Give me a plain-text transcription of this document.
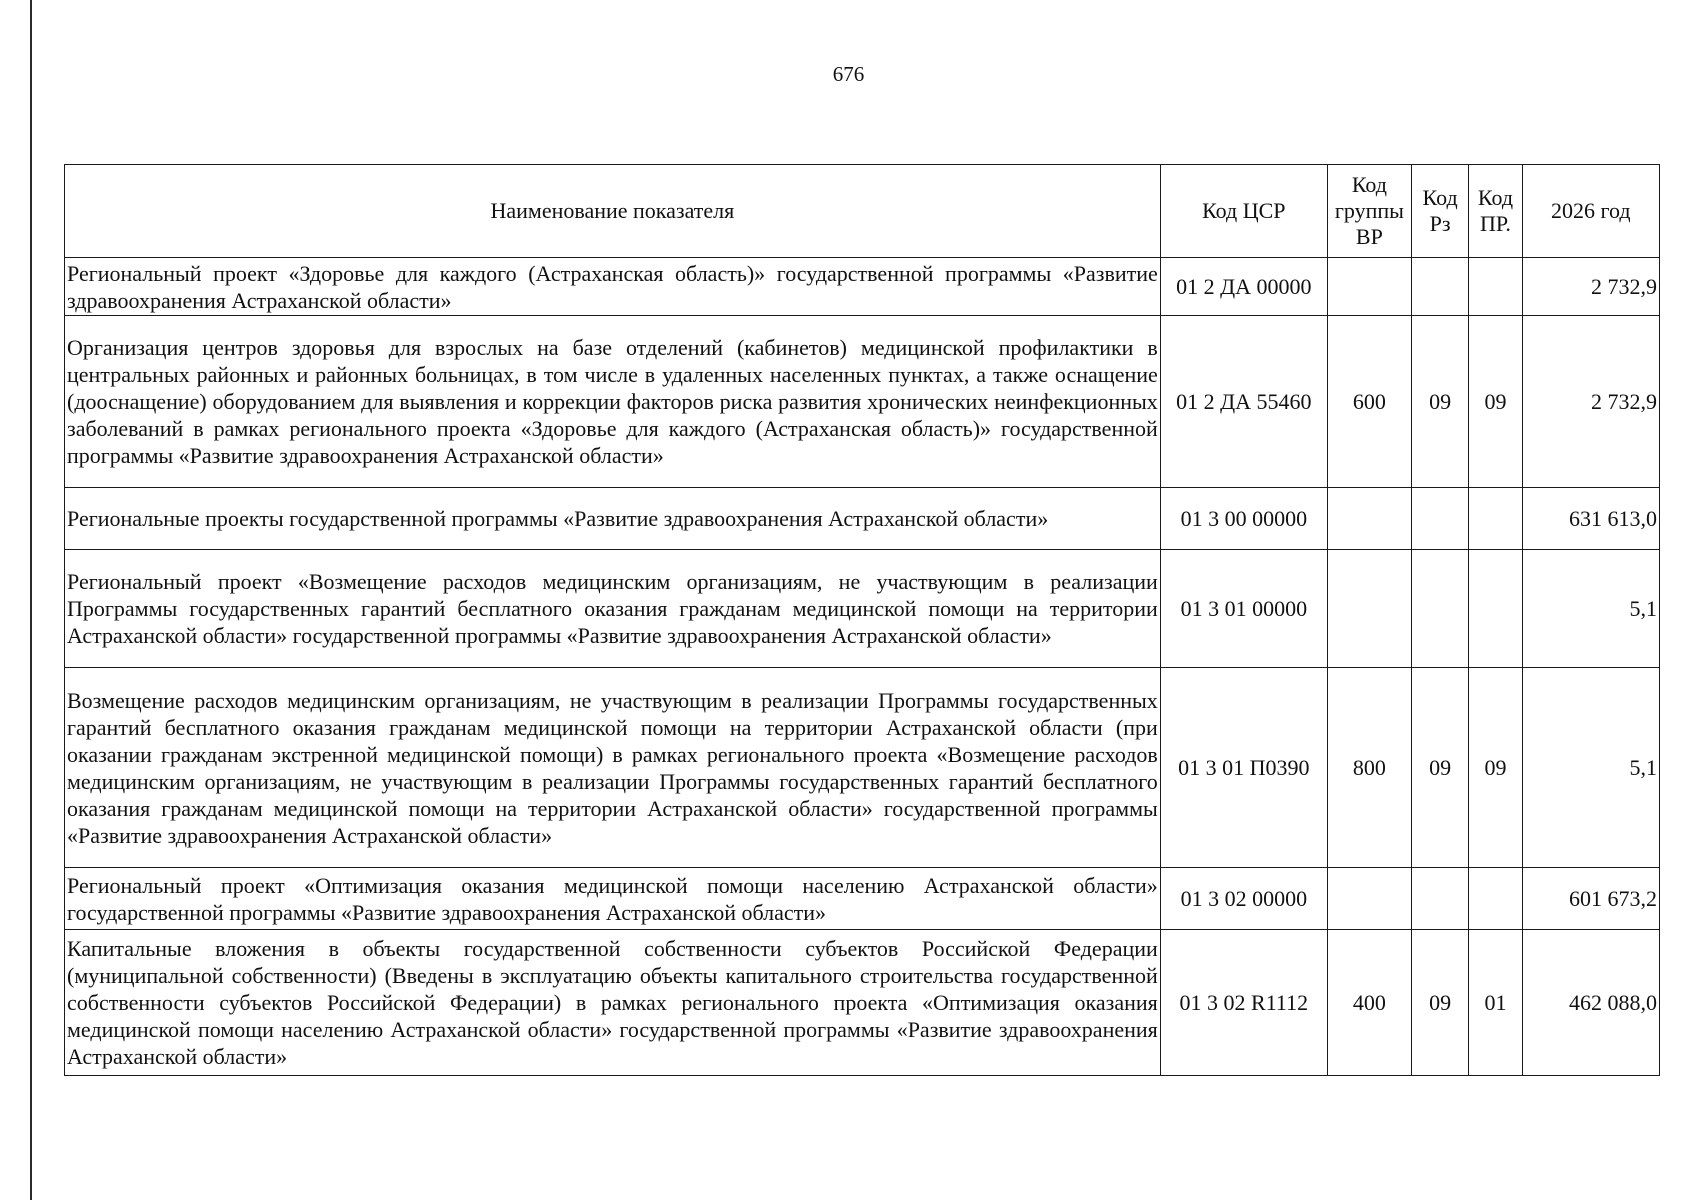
676
Наименование показателя	Код ЦСР	Код группы ВР	Код Рз	Код ПР.	2026 год
Региональный проект «Здоровье для каждого (Астраханская область)» государственной программы «Развитие здравоохранения Астраханской области»	01 2 ДА 00000				2 732,9
Организация центров здоровья для взрослых на базе отделений (кабинетов) медицинской профилактики в центральных районных и районных больницах, в том числе в удаленных населенных пунктах, а также оснащение (дооснащение) оборудованием для выявления и коррекции факторов риска развития хронических неинфекционных заболеваний в рамках регионального проекта «Здоровье для каждого (Астраханская область)» государственной программы «Развитие здравоохранения Астраханской области»	01 2 ДА 55460	600	09	09	2 732,9
Региональные проекты государственной программы «Развитие здравоохранения Астраханской области»	01 3 00 00000				631 613,0
Региональный проект «Возмещение расходов медицинским организациям, не участвующим в реализации Программы государственных гарантий бесплатного оказания гражданам медицинской помощи на территории Астраханской области» государственной программы «Развитие здравоохранения Астраханской области»	01 3 01 00000				5,1
Возмещение расходов медицинским организациям, не участвующим в реализации Программы государственных гарантий бесплатного оказания гражданам медицинской помощи на территории Астраханской области (при оказании гражданам экстренной медицинской помощи) в рамках регионального проекта «Возмещение расходов медицинским организациям, не участвующим в реализации Программы государственных гарантий бесплатного оказания гражданам медицинской помощи на территории Астраханской области» государственной программы «Развитие здравоохранения Астраханской области»	01 3 01 П0390	800	09	09	5,1
Региональный проект «Оптимизация оказания медицинской помощи населению Астраханской области» государственной программы «Развитие здравоохранения Астраханской области»	01 3 02 00000				601 673,2
Капитальные вложения в объекты государственной собственности субъектов Российской Федерации (муниципальной собственности) (Введены в эксплуатацию объекты капитального строительства государственной собственности субъектов Российской Федерации) в рамках регионального проекта «Оптимизация оказания медицинской помощи населению Астраханской области» государственной программы «Развитие здравоохранения Астраханской области»	01 3 02 R1112	400	09	01	462 088,0
